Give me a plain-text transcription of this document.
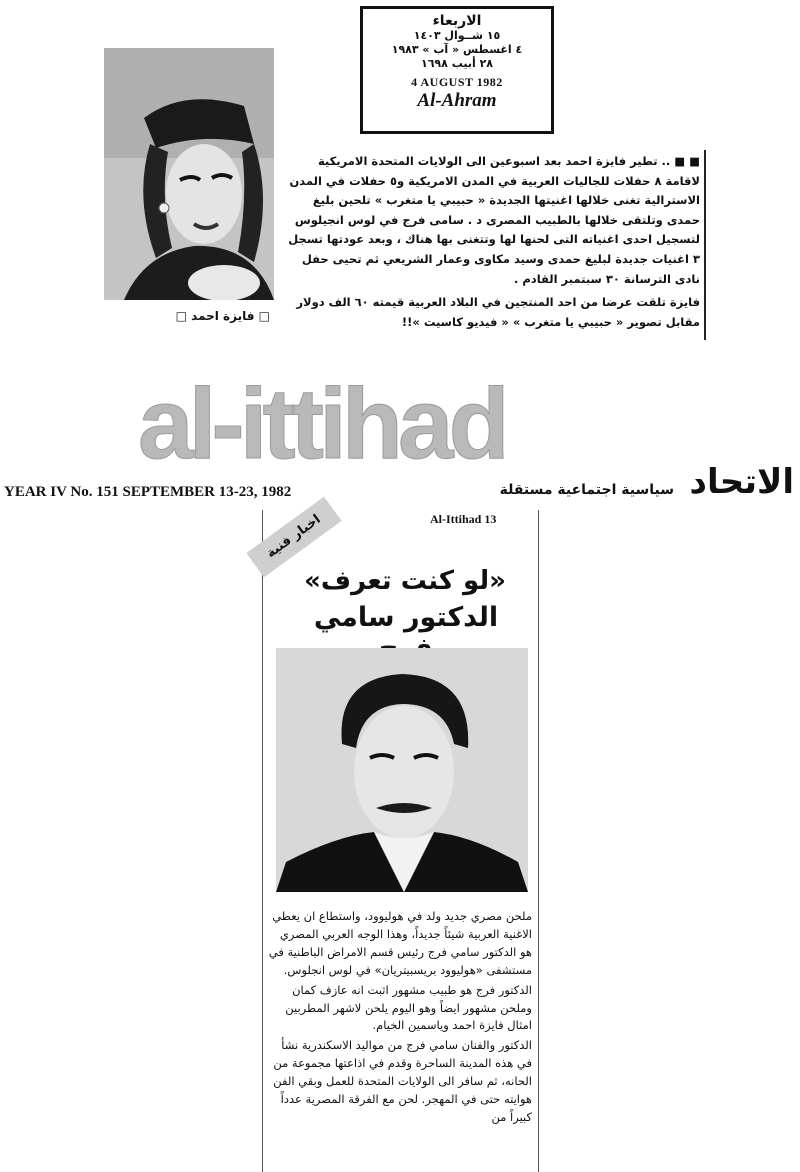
الاربعاء
١٥ شــوال ١٤٠٣
٤ اغسطس « آب » ١٩٨٣
٢٨ أبيب ١٦٩٨
4 AUGUST 1982
Al-Ahram
■ ■ .. تطير فايزة احمد بعد اسبوعين الى الولايات المتحدة الامريكية لاقامة ٨ حفلات للجاليات العربية في المدن الامريكية و٥ حفلات في المدن الاسترالية تغنى خلالها اغنيتها الجديدة « حبيبي يا متغرب » تلحين بليغ حمدى وتلتقى خلالها بالطبيب المصرى د . سامى فرج في لوس انجيلوس لتسجيل احدى اغنياته التى لحنها لها وتتغنى بها هناك ، وبعد عودتها تسجل ٣ اغنيات جديدة لبليغ حمدى وسيد مكاوى وعمار الشريعي ثم تحيى حفل نادى الترسانة ٣٠ سبتمبر القادم .
فايزة تلقت عرضا من احد المنتجين في البلاد العربية قيمته ٦٠ الف دولار مقابل تصوير « حبيبي يا متغرب » « فيديو كاسيت »!!
□ فايزة احمد □
al-ittihad
الاتحاد
YEAR IV No. 151 SEPTEMBER 13-23, 1982	سياسية اجتماعية مستقلة
Al-Ittihad 13
اخبار فنية
«لو كنت تعرف»
الدكتور سامي

ملحن مصري جديد ولد في هوليوود، واستطاع ان يعطي الاغنية العربية شيئاً جديداً، وهذا الوجه العربي المصري هو الدكتور سامي فرج رئيس قسم الامراض الباطنية في مستشفى «هوليوود بريسبيتريان» في لوس انجلوس.

الدكتور فرج هو طبيب مشهور اثبت انه عازف كمان وملحن مشهور ايضاً وهو اليوم يلحن لاشهر المطربين امثال فايزة احمد وياسمين الخيام.

الدكتور والفنان سامي فرج من مواليد الاسكندرية نشأ في هذه المدينة الساحرة وقدم في اذاعتها مجموعة من الحانه، ثم سافر الى الولايات المتحدة للعمل وبقي الفن هوايته حتى في المهجر. لحن مع الفرقة المصرية عدداً كبيراً من
